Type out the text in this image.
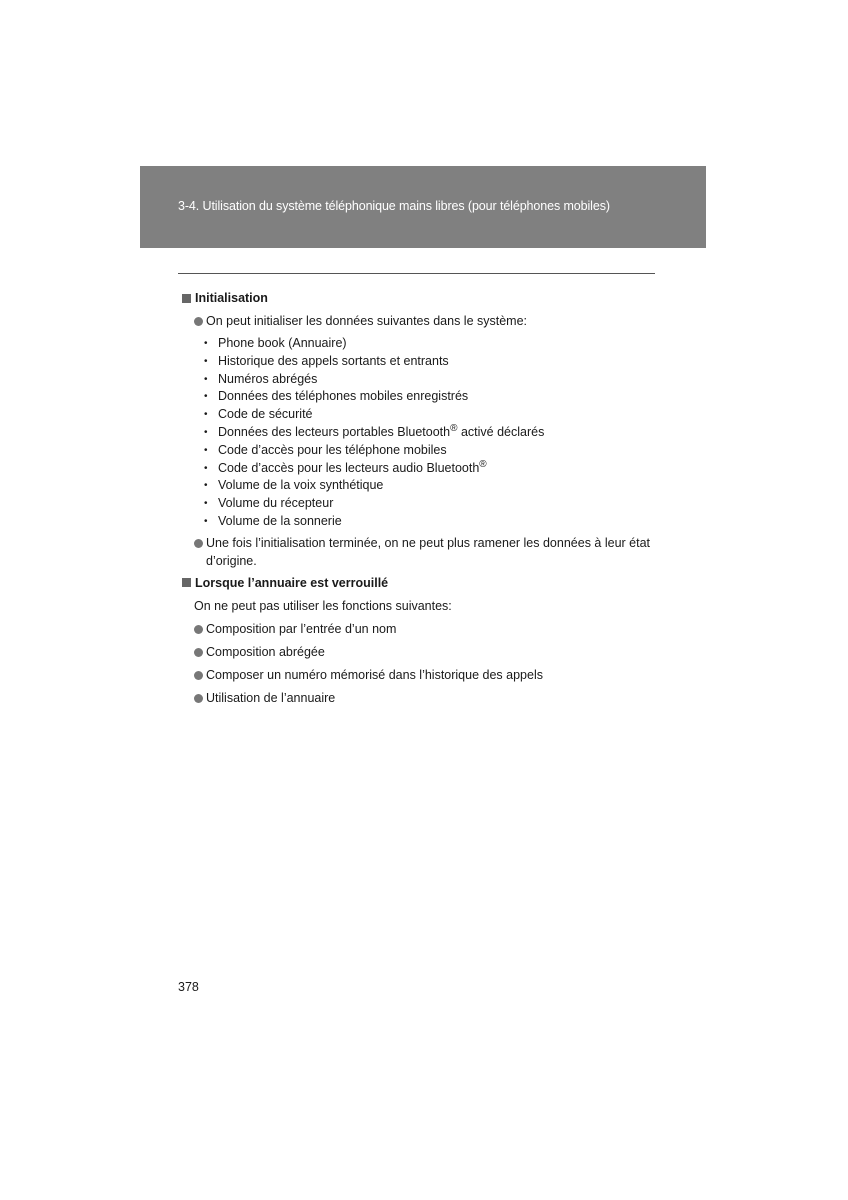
3-4. Utilisation du système téléphonique mains libres (pour téléphones mobiles)
Initialisation
On peut initialiser les données suivantes dans le système:
• Phone book (Annuaire)
• Historique des appels sortants et entrants
• Numéros abrégés
• Données des téléphones mobiles enregistrés
• Code de sécurité
• Données des lecteurs portables Bluetooth® activé déclarés
• Code d’accès pour les téléphone mobiles
• Code d’accès pour les lecteurs audio Bluetooth®
• Volume de la voix synthétique
• Volume du récepteur
• Volume de la sonnerie
Une fois l’initialisation terminée, on ne peut plus ramener les données à leur état d’origine.
Lorsque l’annuaire est verrouillé
On ne peut pas utiliser les fonctions suivantes:
Composition par l’entrée d’un nom
Composition abrégée
Composer un numéro mémorisé dans l’historique des appels
Utilisation de l’annuaire
378
